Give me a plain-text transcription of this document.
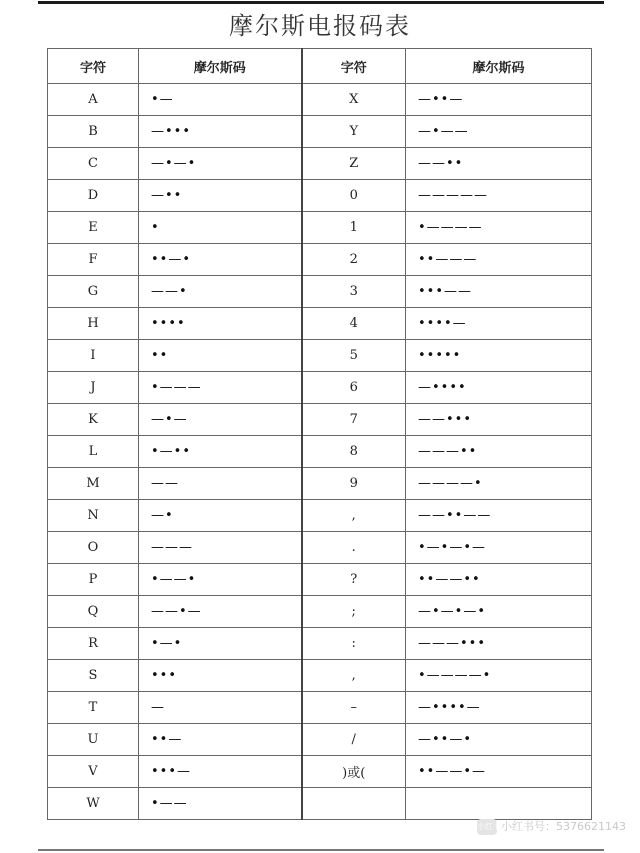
摩尔斯电报码表
字符	摩尔斯码	字符	摩尔斯码
A	•—	X	—••—
B	—•••	Y	—•——
C	—•—•	Z	——••
D	—••	0	—————
E	•	1	•————
F	••—•	2	••———
G	——•	3	•••——
H	••••	4	••••—
I	••	5	•••••
J	•———	6	—••••
K	—•—	7	——•••
L	•—••	8	———••
M	——	9	————•
N	—•	,	——••——
O	———	.	•—•—•—
P	•——•	?	••——••
Q	——•—	;	—•—•—•
R	•—•	:	———•••
S	•••	,	•————•
T	—	–	—••••—
U	••—	/	—••—•
V	•••—	)或(	••——•—
W	•——		
小红书小红书号：5376621143
